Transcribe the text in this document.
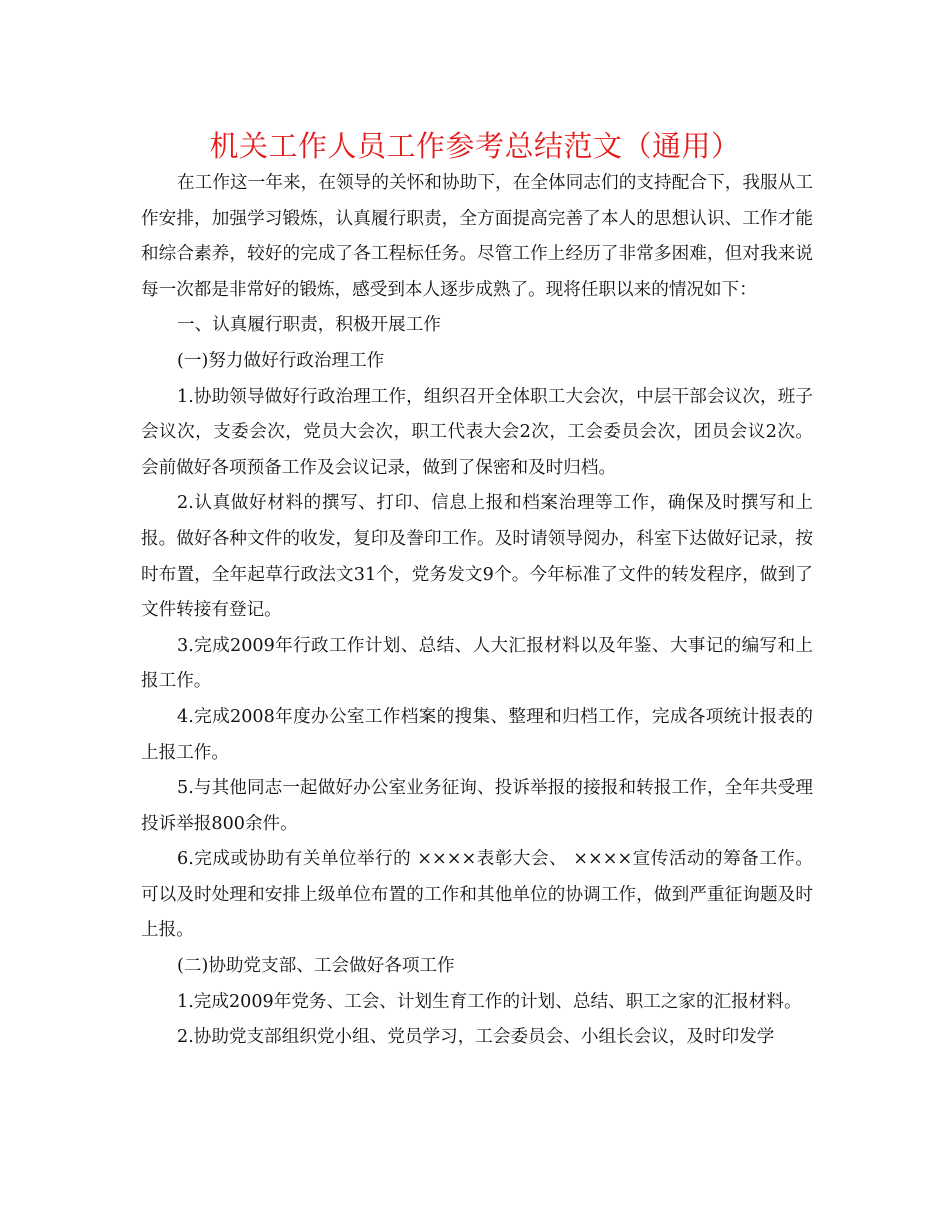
机关工作人员工作参考总结范文（通用）

在工作这一年来，在领导的关怀和协助下，在全体同志们的支持配合下，我服从工作安排，加强学习锻炼，认真履行职责，全方面提高完善了本人的思想认识、工作才能和综合素养，较好的完成了各工程标任务。尽管工作上经历了非常多困难，但对我来说每一次都是非常好的锻炼，感受到本人逐步成熟了。现将任职以来的情况如下：

一、认真履行职责，积极开展工作

(一)努力做好行政治理工作

1.协助领导做好行政治理工作，组织召开全体职工大会次，中层干部会议次，班子会议次，支委会次，党员大会次，职工代表大会2次，工会委员会次，团员会议2次。会前做好各项预备工作及会议记录，做到了保密和及时归档。

2.认真做好材料的撰写、打印、信息上报和档案治理等工作，确保及时撰写和上报。做好各种文件的收发，复印及誊印工作。及时请领导阅办，科室下达做好记录，按时布置，全年起草行政法文31个，党务发文9个。今年标准了文件的转发程序，做到了文件转接有登记。

3.完成2009年行政工作计划、总结、人大汇报材料以及年鉴、大事记的编写和上报工作。

4.完成2008年度办公室工作档案的搜集、整理和归档工作，完成各项统计报表的上报工作。

5.与其他同志一起做好办公室业务征询、投诉举报的接报和转报工作，全年共受理投诉举报800余件。

6.完成或协助有关单位举行的 ××××表彰大会、 ××××宣传活动的筹备工作。可以及时处理和安排上级单位布置的工作和其他单位的协调工作，做到严重征询题及时上报。

(二)协助党支部、工会做好各项工作

1.完成2009年党务、工会、计划生育工作的计划、总结、职工之家的汇报材料。

2.协助党支部组织党小组、党员学习，工会委员会、小组长会议，及时印发学
